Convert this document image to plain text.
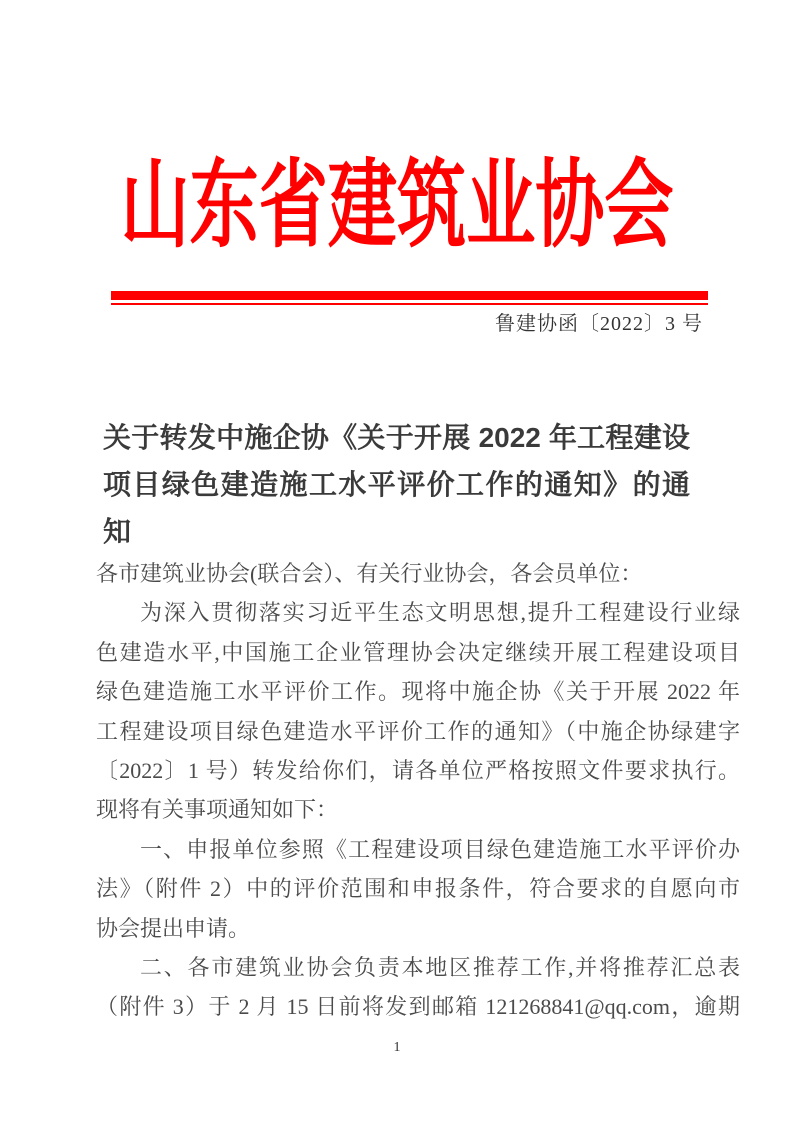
山东省建筑业协会
鲁建协函〔2022〕3 号
关于转发中施企协《关于开展 2022 年工程建设
项目绿色建造施工水平评价工作的通知》的通知
各市建筑业协会(联合会）、有关行业协会，各会员单位：
为深入贯彻落实习近平生态文明思想,提升工程建设行业绿
色建造水平,中国施工企业管理协会决定继续开展工程建设项目
绿色建造施工水平评价工作。现将中施企协《关于开展 2022 年
工程建设项目绿色建造水平评价工作的通知》（中施企协绿建字
〔2022〕1 号）转发给你们，请各单位严格按照文件要求执行。
现将有关事项通知如下：
一、申报单位参照《工程建设项目绿色建造施工水平评价办
法》（附件 2）中的评价范围和申报条件，符合要求的自愿向市
协会提出申请。
二、各市建筑业协会负责本地区推荐工作,并将推荐汇总表
（附件 3）于 2 月 15 日前将发到邮箱 121268841@qq.com，逾期
1
